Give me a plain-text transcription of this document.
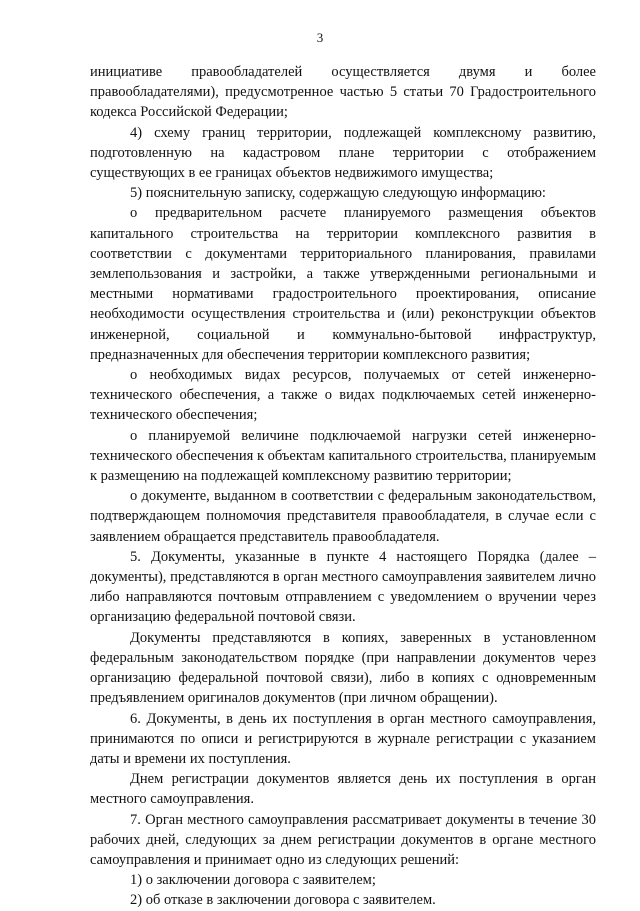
3

инициативе правообладателей осуществляется двумя и более правообладателями), предусмотренное частью 5 статьи 70 Градостроительного кодекса Российской Федерации;

4) схему границ территории, подлежащей комплексному развитию, подготовленную на кадастровом плане территории с отображением существующих в ее границах объектов недвижимого имущества;

5) пояснительную записку, содержащую следующую информацию:

о предварительном расчете планируемого размещения объектов капитального строительства на территории комплексного развития в соответствии с документами территориального планирования, правилами землепользования и застройки, а также утвержденными региональными и местными нормативами градостроительного проектирования, описание необходимости осуществления строительства и (или) реконструкции объектов инженерной, социальной и коммунально-бытовой инфраструктур, предназначенных для обеспечения территории комплексного развития;

о необходимых видах ресурсов, получаемых от сетей инженерно-технического обеспечения, а также о видах подключаемых сетей инженерно-технического обеспечения;

о планируемой величине подключаемой нагрузки сетей инженерно-технического обеспечения к объектам капитального строительства, планируемым к размещению на подлежащей комплексному развитию территории;

о документе, выданном в соответствии с федеральным законодательством, подтверждающем полномочия представителя правообладателя, в случае если с заявлением обращается представитель правообладателя.

5. Документы, указанные в пункте 4 настоящего Порядка (далее – документы), представляются в орган местного самоуправления заявителем лично либо направляются почтовым отправлением с уведомлением о вручении через организацию федеральной почтовой связи.

Документы представляются в копиях, заверенных в установленном федеральным законодательством порядке (при направлении документов через организацию федеральной почтовой связи), либо в копиях с одновременным предъявлением оригиналов документов (при личном обращении).

6. Документы, в день их поступления в орган местного самоуправления, принимаются по описи и регистрируются в журнале регистрации с указанием даты и времени их поступления.

Днем регистрации документов является день их поступления в орган местного самоуправления.

7. Орган местного самоуправления рассматривает документы в течение 30 рабочих дней, следующих за днем регистрации документов в органе местного самоуправления и принимает одно из следующих решений:

1) о заключении договора с заявителем;

2) об отказе в заключении договора с заявителем.
